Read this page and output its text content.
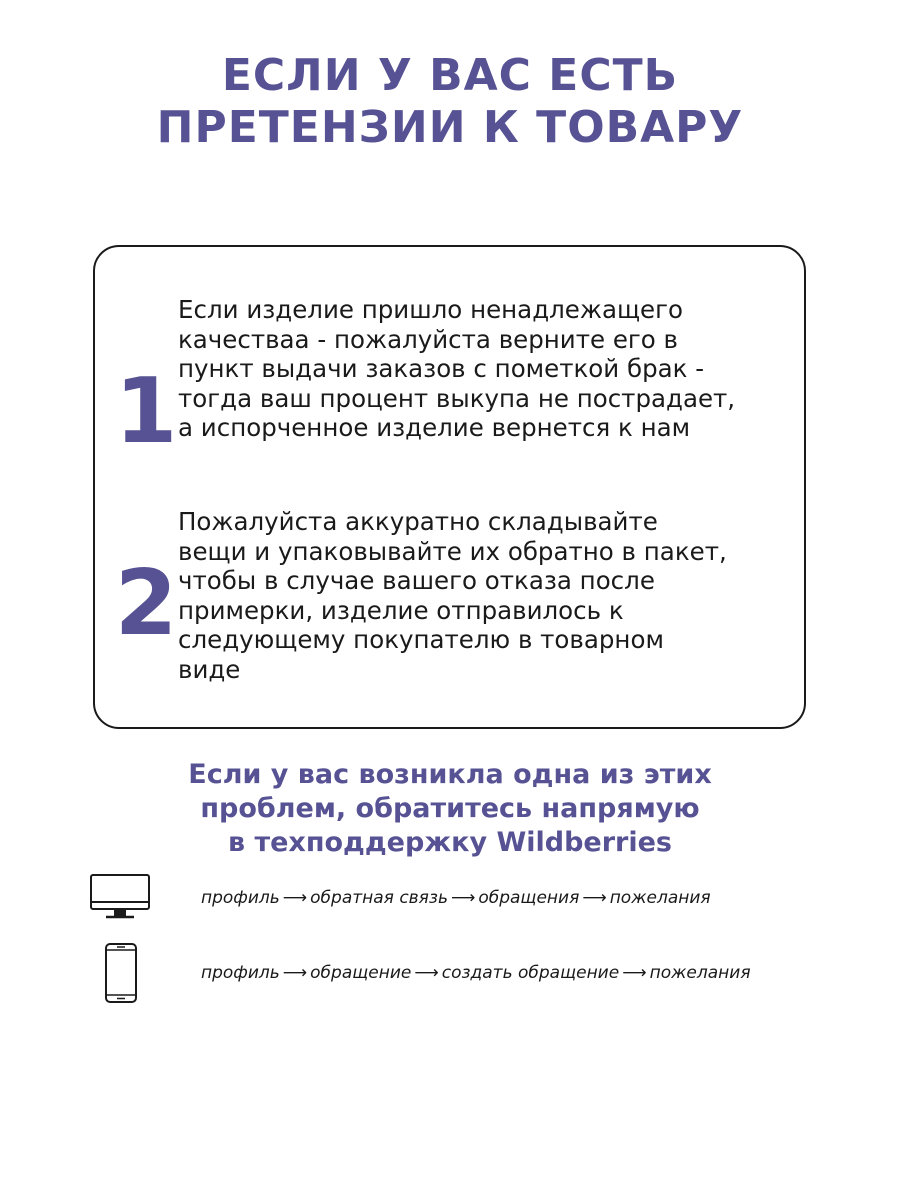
ЕСЛИ У ВАС ЕСТЬ
ПРЕТЕНЗИИ К ТОВАРУ
1
Если изделие пришло ненадлежащего
качестваа - пожалуйста верните его в
пункт выдачи заказов с пометкой брак -
тогда ваш процент выкупа не пострадает,
а испорченное изделие вернется к нам
2
Пожалуйста аккуратно складывайте
вещи и упаковывайте их обратно в пакет,
чтобы в случае вашего отказа после
примерки, изделие отправилось к
следующему покупателю в товарном
виде
Если у вас возникла одна из этих
проблем, обратитесь напрямую
в техподдержку Wildberries
профиль ⟶ обратная связь ⟶ обращения ⟶ пожелания
профиль ⟶ обращение ⟶ создать обращение ⟶ пожелания
